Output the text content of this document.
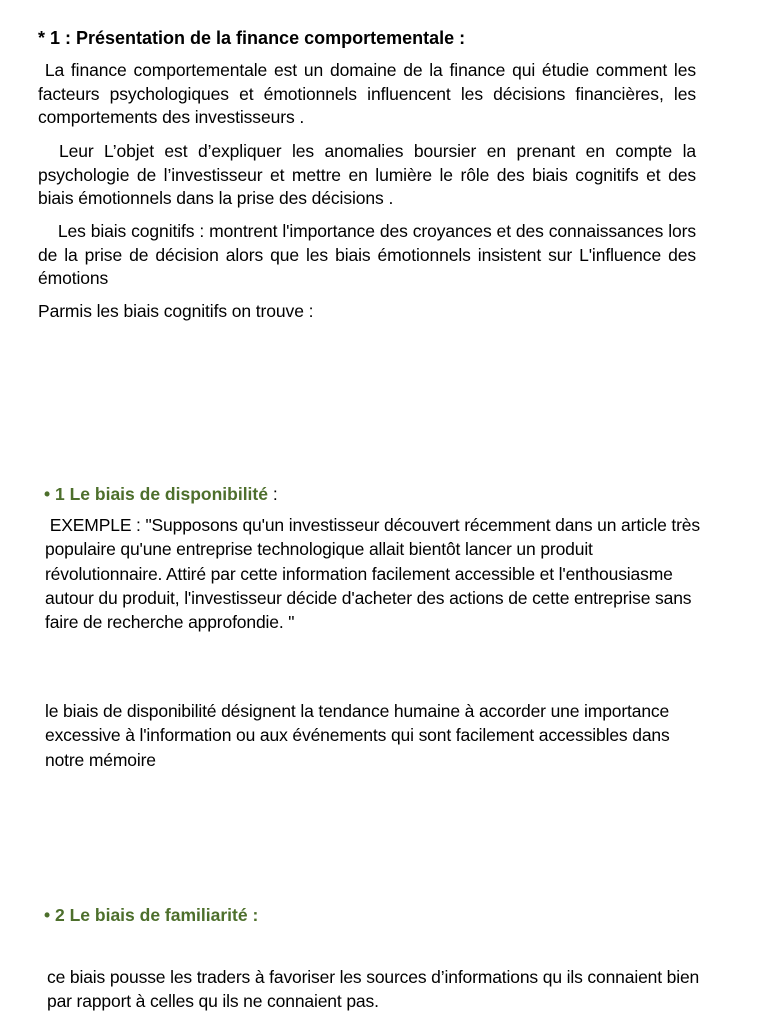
* 1 : Présentation de la finance comportementale :

La finance comportementale est un domaine de la finance qui étudie comment les facteurs psychologiques et émotionnels influencent les décisions financières, les comportements des investisseurs .

Leur L’objet est d’expliquer les anomalies boursier en prenant en compte la psychologie de l’investisseur et mettre en lumière le rôle des biais cognitifs et des biais émotionnels dans la prise des décisions .

Les biais cognitifs : montrent l'importance des croyances et des connaissances lors de la prise de décision alors que les biais émotionnels insistent sur L'influence des émotions

Parmis les biais cognitifs on trouve :

• 1 Le biais de disponibilité :

EXEMPLE : "Supposons qu'un investisseur découvert récemment dans un article très populaire qu'une entreprise technologique allait bientôt lancer un produit révolutionnaire. Attiré par cette information facilement accessible et l'enthousiasme autour du produit, l'investisseur décide d'acheter des actions de cette entreprise sans faire de recherche approfondie. "

le biais de disponibilité désignent la tendance humaine à accorder une importance excessive à l'information ou aux événements qui sont facilement accessibles dans notre mémoire

• 2 Le biais de familiarité :

ce biais pousse les traders à favoriser les sources d’informations qu ils connaient bien par rapport à celles qu ils ne connaient pas.
